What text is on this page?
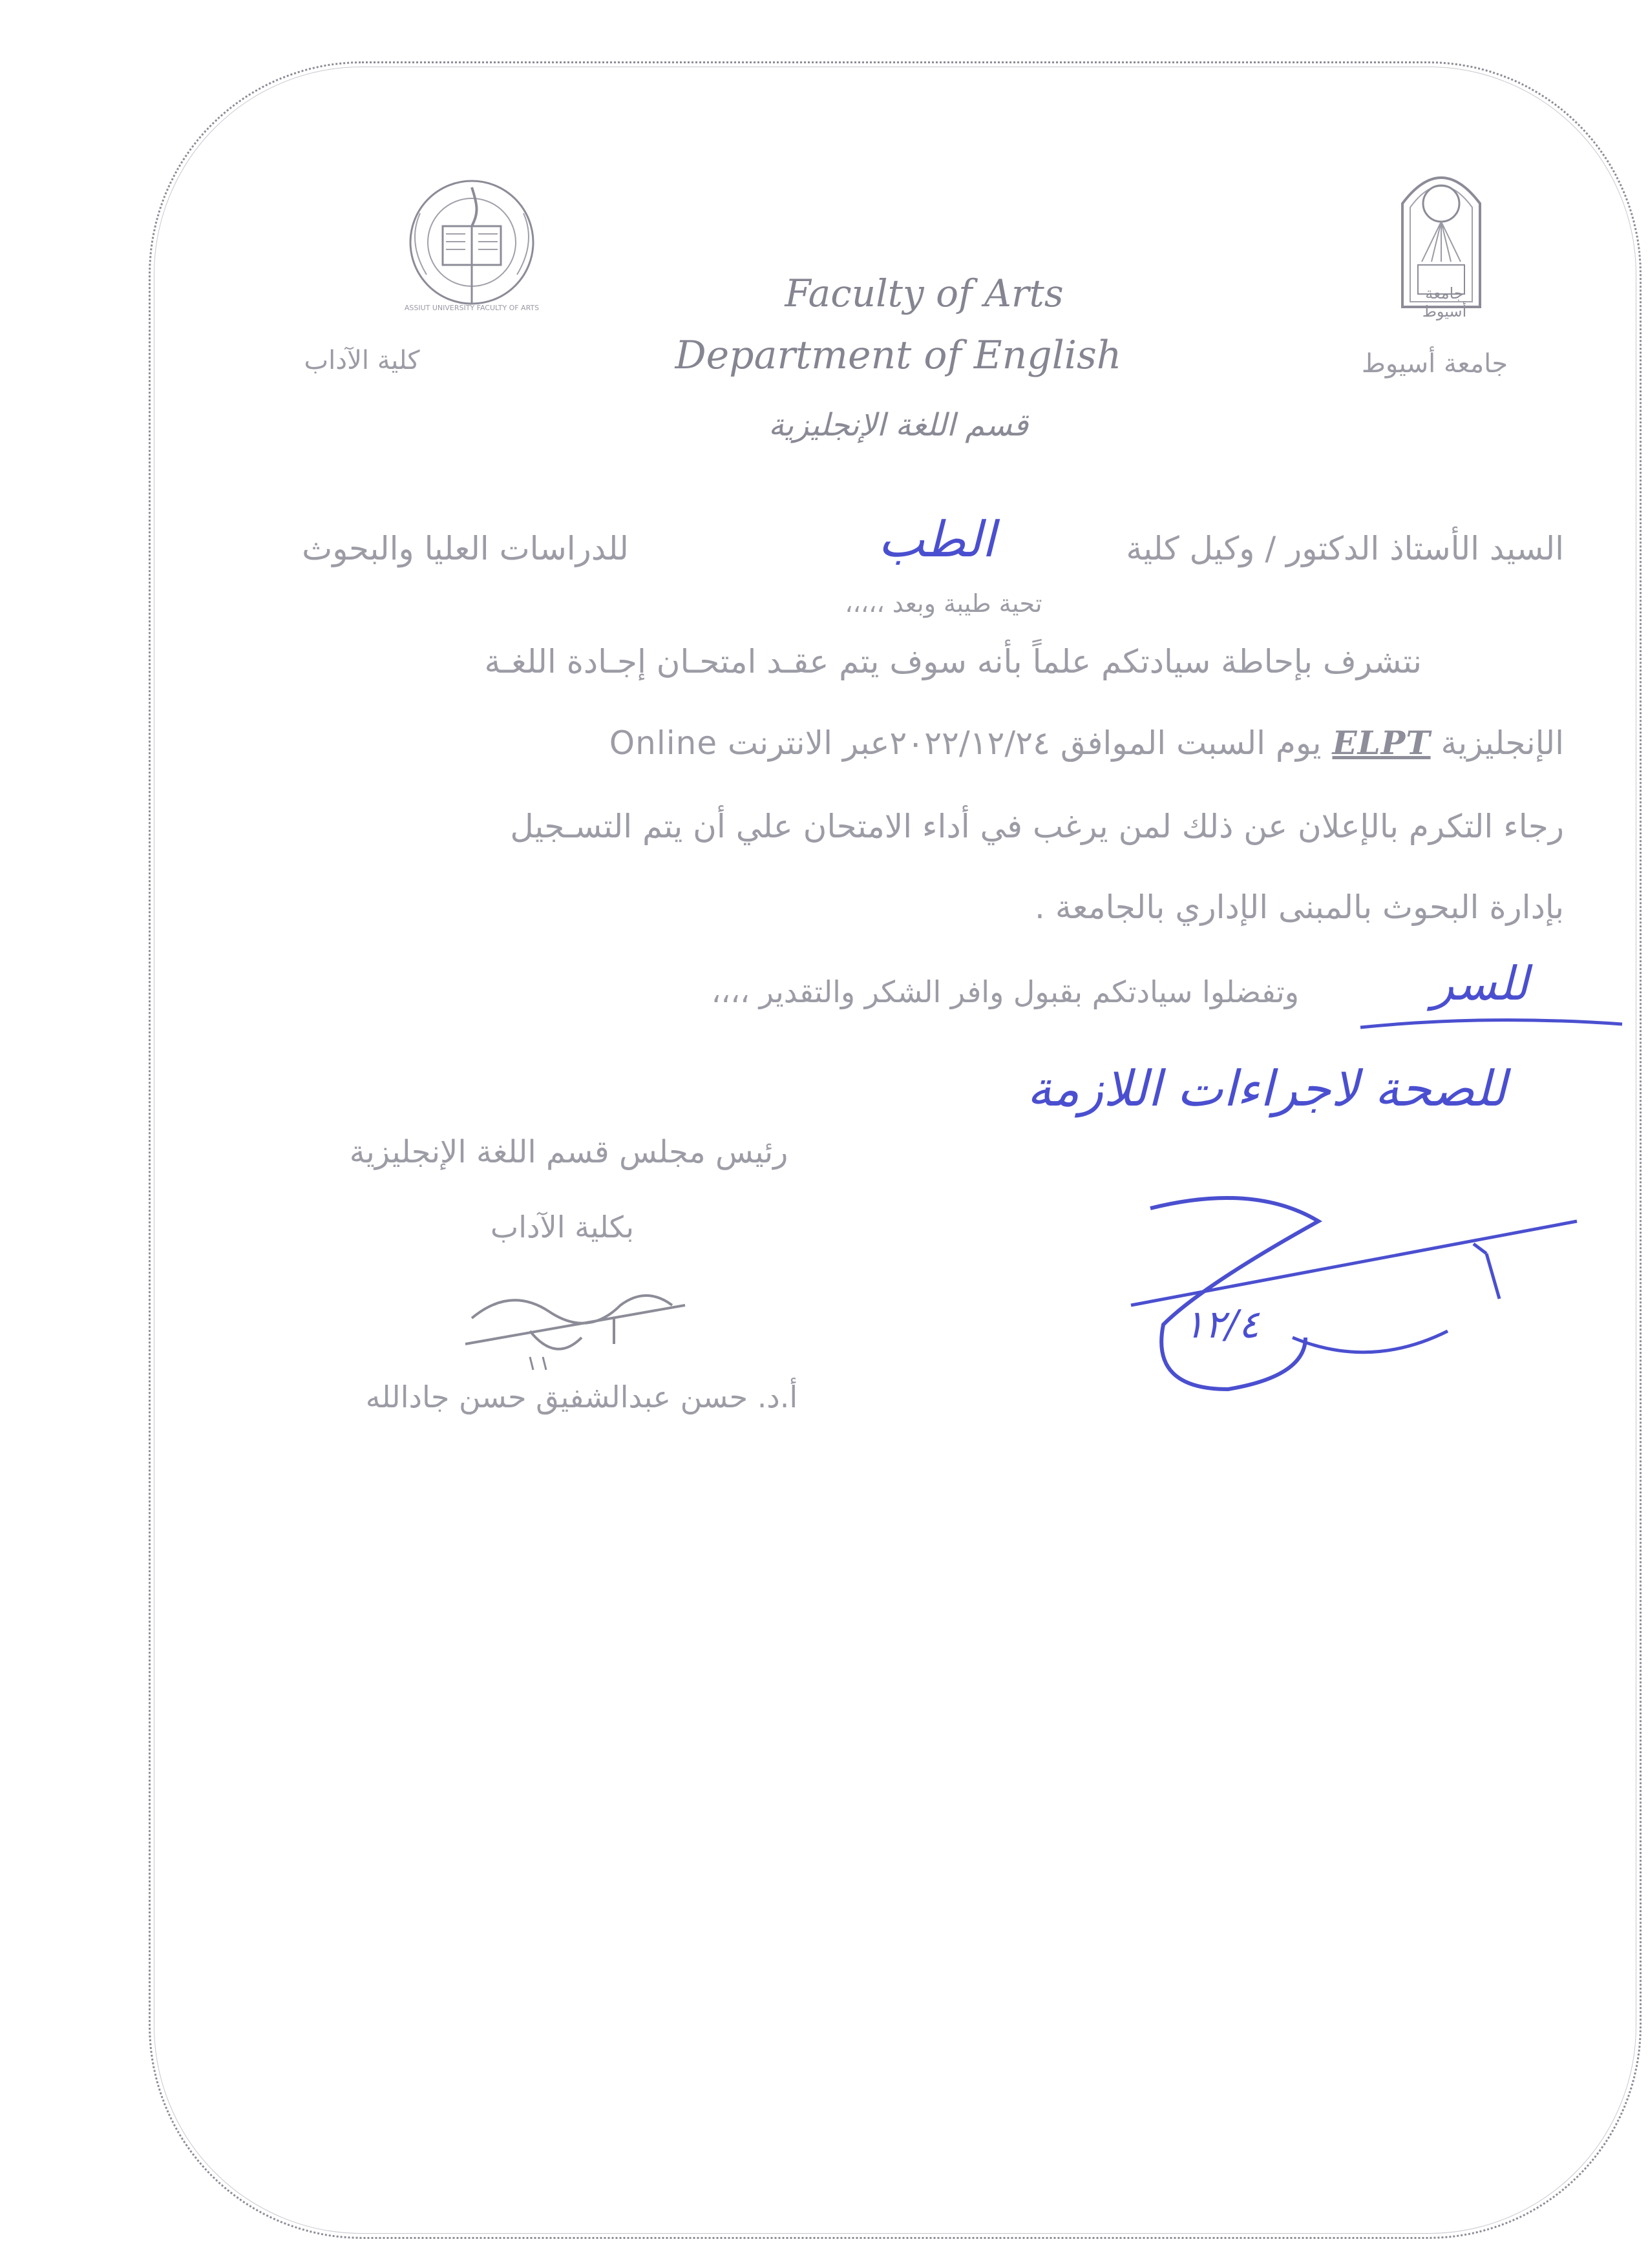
ASSIUT UNIVERSITY FACULTY OF ARTS
جامعة أسيوط
Faculty of Arts
Department of English
قسم اللغة الإنجليزية
كلية الآداب	جامعة أسيوط
السيد الأستاذ الدكتور / وكيل كلية
الطب
للدراسات العليا والبحوث
تحية طيبة وبعد ،،،،،
نتشرف بإحاطة سيادتكم علماً بأنه سوف يتم عقـد امتحـان إجـادة اللغـة
الإنجليزية ELPT يوم السبت الموافق ٢٠٢٢/١٢/٢٤عبر الانترنت Online
رجاء التكرم بالإعلان عن ذلك لمن يرغب في أداء الامتحان علي أن يتم التسـجيل
بإدارة البحوث بالمبنى الإداري بالجامعة .
وتفضلوا سيادتكم بقبول وافر الشكر والتقدير ،،،،	للسر
للصحة لاجراءات اللازمة
١٢/٤
رئيس مجلس قسم اللغة الإنجليزية
بكلية الآداب
أ.د. حسن عبدالشفيق حسن جادالله
